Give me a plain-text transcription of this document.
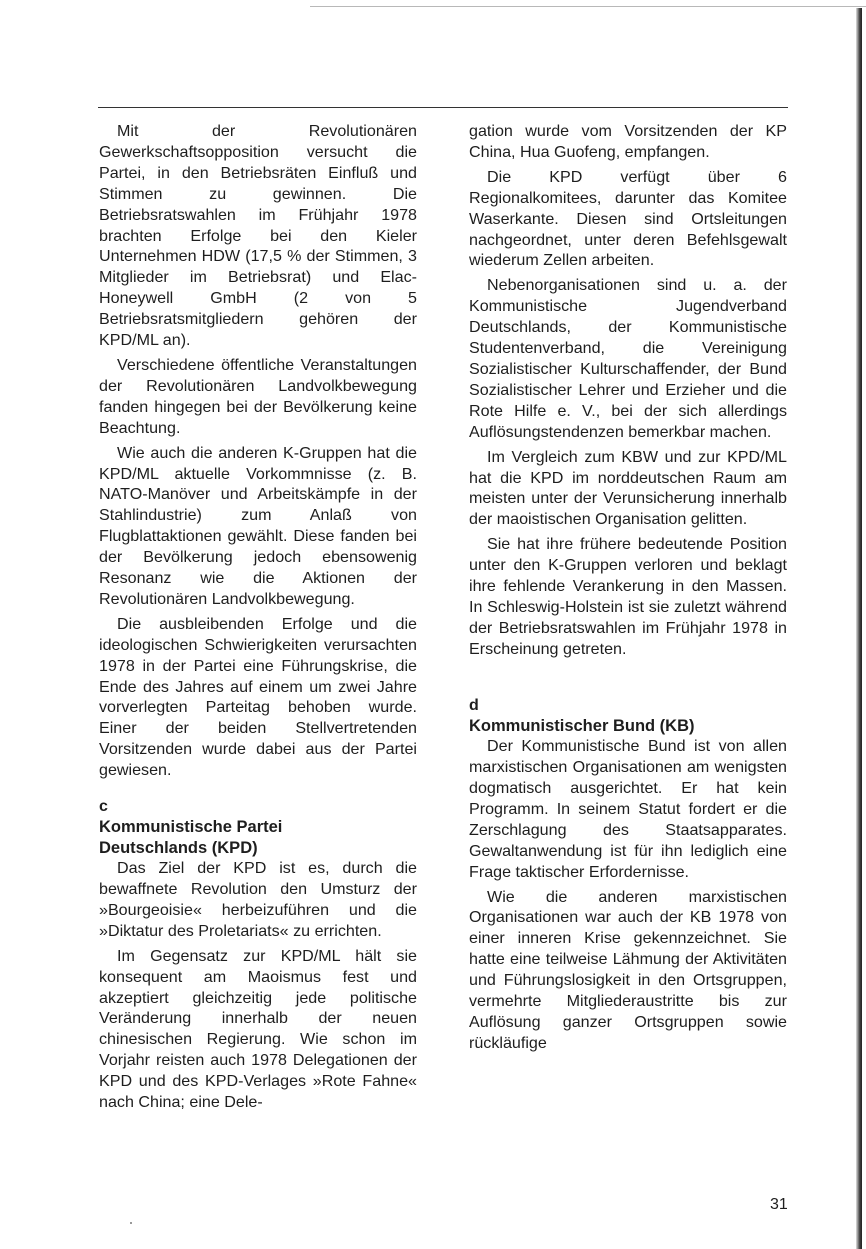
Mit der Revolutionären Gewerkschaftsopposition versucht die Partei, in den Betriebsräten Einfluß und Stimmen zu gewinnen. Die Betriebsratswahlen im Frühjahr 1978 brachten Erfolge bei den Kieler Unternehmen HDW (17,5 % der Stimmen, 3 Mitglieder im Betriebsrat) und Elac-Honeywell GmbH (2 von 5 Betriebsratsmitgliedern gehören der KPD/ML an).

Verschiedene öffentliche Veranstaltungen der Revolutionären Landvolkbewegung fanden hingegen bei der Bevölkerung keine Beachtung.

Wie auch die anderen K-Gruppen hat die KPD/ML aktuelle Vorkommnisse (z. B. NATO-Manöver und Arbeitskämpfe in der Stahlindustrie) zum Anlaß von Flugblattaktionen gewählt. Diese fanden bei der Bevölkerung jedoch ebensowenig Resonanz wie die Aktionen der Revolutionären Landvolkbewegung.

Die ausbleibenden Erfolge und die ideologischen Schwierigkeiten verursachten 1978 in der Partei eine Führungskrise, die Ende des Jahres auf einem um zwei Jahre vorverlegten Parteitag behoben wurde. Einer der beiden Stellvertretenden Vorsitzenden wurde dabei aus der Partei gewiesen.

c
Kommunistische Partei
Deutschlands (KPD)

Das Ziel der KPD ist es, durch die bewaffnete Revolution den Umsturz der »Bourgeoisie« herbeizuführen und die »Diktatur des Proletariats« zu errichten.

Im Gegensatz zur KPD/ML hält sie konsequent am Maoismus fest und akzeptiert gleichzeitig jede politische Veränderung innerhalb der neuen chinesischen Regierung. Wie schon im Vorjahr reisten auch 1978 Delegationen der KPD und des KPD-Verlages »Rote Fahne« nach China; eine Dele-

gation wurde vom Vorsitzenden der KP China, Hua Guofeng, empfangen.

Die KPD verfügt über 6 Regionalkomitees, darunter das Komitee Waserkante. Diesen sind Ortsleitungen nachgeordnet, unter deren Befehlsgewalt wiederum Zellen arbeiten.

Nebenorganisationen sind u. a. der Kommunistische Jugendverband Deutschlands, der Kommunistische Studentenverband, die Vereinigung Sozialistischer Kulturschaffender, der Bund Sozialistischer Lehrer und Erzieher und die Rote Hilfe e. V., bei der sich allerdings Auflösungstendenzen bemerkbar machen.

Im Vergleich zum KBW und zur KPD/ML hat die KPD im norddeutschen Raum am meisten unter der Verunsicherung innerhalb der maoistischen Organisation gelitten.

Sie hat ihre frühere bedeutende Position unter den K-Gruppen verloren und beklagt ihre fehlende Verankerung in den Massen. In Schleswig-Holstein ist sie zuletzt während der Betriebsratswahlen im Frühjahr 1978 in Erscheinung getreten.

d
Kommunistischer Bund (KB)

Der Kommunistische Bund ist von allen marxistischen Organisationen am wenigsten dogmatisch ausgerichtet. Er hat kein Programm. In seinem Statut fordert er die Zerschlagung des Staatsapparates. Gewaltanwendung ist für ihn lediglich eine Frage taktischer Erfordernisse.

Wie die anderen marxistischen Organisationen war auch der KB 1978 von einer inneren Krise gekennzeichnet. Sie hatte eine teilweise Lähmung der Aktivitäten und Führungslosigkeit in den Ortsgruppen, vermehrte Mitgliederaustritte bis zur Auflösung ganzer Ortsgruppen sowie rückläufige

31
